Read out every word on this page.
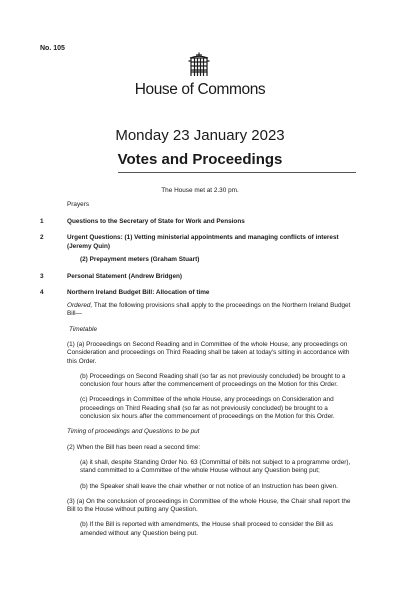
No. 105
House of Commons
Monday 23 January 2023
Votes and Proceedings
The House met at 2.30 pm.
Prayers
1	Questions to the Secretary of State for Work and Pensions
2	Urgent Questions: (1) Vetting ministerial appointments and managing conflicts of interest (Jeremy Quin)
(2) Prepayment meters (Graham Stuart)
3	Personal Statement (Andrew Bridgen)
4	Northern Ireland Budget Bill: Allocation of time
Ordered, That the following provisions shall apply to the proceedings on the Northern Ireland Budget Bill—
Timetable
(1) (a) Proceedings on Second Reading and in Committee of the whole House, any proceedings on Consideration and proceedings on Third Reading shall be taken at today's sitting in accordance with this Order.
(b) Proceedings on Second Reading shall (so far as not previously concluded) be brought to a conclusion four hours after the commencement of proceedings on the Motion for this Order.
(c) Proceedings in Committee of the whole House, any proceedings on Consideration and proceedings on Third Reading shall (so far as not previously concluded) be brought to a conclusion six hours after the commencement of proceedings on the Motion for this Order.
Timing of proceedings and Questions to be put
(2) When the Bill has been read a second time:
(a) it shall, despite Standing Order No. 63 (Committal of bills not subject to a programme order), stand committed to a Committee of the whole House without any Question being put;
(b) the Speaker shall leave the chair whether or not notice of an Instruction has been given.
(3) (a) On the conclusion of proceedings in Committee of the whole House, the Chair shall report the Bill to the House without putting any Question.
(b) If the Bill is reported with amendments, the House shall proceed to consider the Bill as amended without any Question being put.
